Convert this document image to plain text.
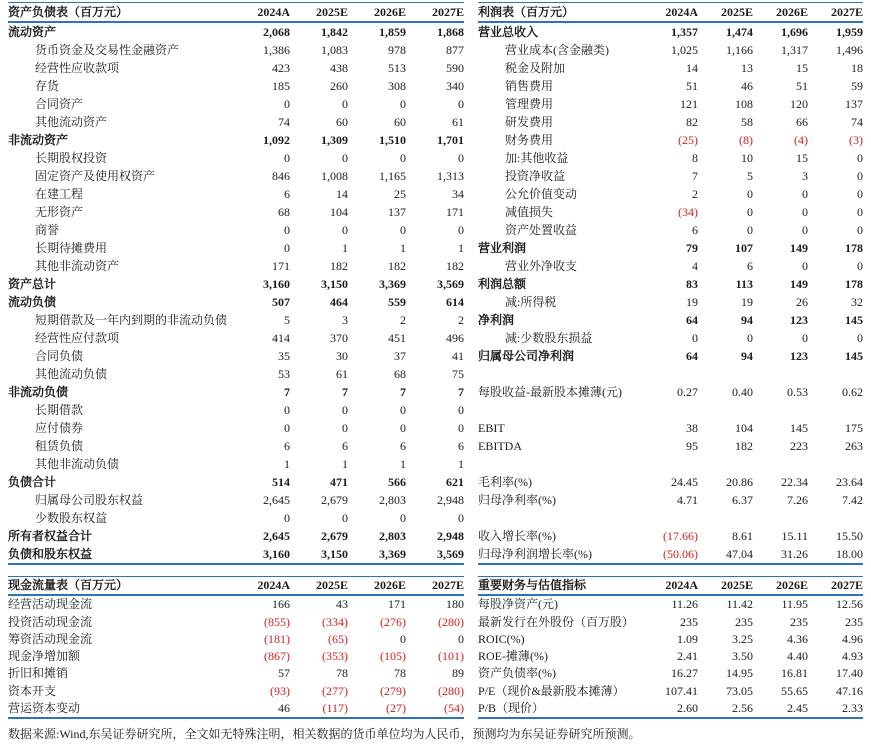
资产负债表（百万元）	2024A	2025E	2026E	2027E
流动资产	2,068	1,842	1,859	1,868
货币资金及交易性金融资产	1,386	1,083	978	877
经营性应收款项	423	438	513	590
存货	185	260	308	340
合同资产	0	0	0	0
其他流动资产	74	60	60	61
非流动资产	1,092	1,309	1,510	1,701
长期股权投资	0	0	0	0
固定资产及使用权资产	846	1,008	1,165	1,313
在建工程	6	14	25	34
无形资产	68	104	137	171
商誉	0	0	0	0
长期待摊费用	0	1	1	1
其他非流动资产	171	182	182	182
资产总计	3,160	3,150	3,369	3,569
流动负债	507	464	559	614
短期借款及一年内到期的非流动负债	5	3	2	2
经营性应付款项	414	370	451	496
合同负债	35	30	37	41
其他流动负债	53	61	68	75
非流动负债	7	7	7	7
长期借款	0	0	0	0
应付债券	0	0	0	0
租赁负债	6	6	6	6
其他非流动负债	1	1	1	1
负债合计	514	471	566	621
归属母公司股东权益	2,645	2,679	2,803	2,948
少数股东权益	0	0	0	0
所有者权益合计	2,645	2,679	2,803	2,948
负债和股东权益	3,160	3,150	3,369	3,569
利润表（百万元）	2024A	2025E	2026E	2027E
营业总收入	1,357	1,474	1,696	1,959
营业成本(含金融类)	1,025	1,166	1,317	1,496
税金及附加	14	13	15	18
销售费用	51	46	51	59
管理费用	121	108	120	137
研发费用	82	58	66	74
财务费用	(25)	(8)	(4)	(3)
加:其他收益	8	10	15	0
投资净收益	7	5	3	0
公允价值变动	2	0	0	0
减值损失	(34)	0	0	0
资产处置收益	6	0	0	0
营业利润	79	107	149	178
营业外净收支	4	6	0	0
利润总额	83	113	149	178
减:所得税	19	19	26	32
净利润	64	94	123	145
减:少数股东损益	0	0	0	0
归属母公司净利润	64	94	123	145
每股收益-最新股本摊薄(元)	0.27	0.40	0.53	0.62
EBIT	38	104	145	175
EBITDA	95	182	223	263
毛利率(%)	24.45	20.86	22.34	23.64
归母净利率(%)	4.71	6.37	7.26	7.42
收入增长率(%)	(17.66)	8.61	15.11	15.50
归母净利润增长率(%)	(50.06)	47.04	31.26	18.00
现金流量表（百万元）	2024A	2025E	2026E	2027E
经营活动现金流	166	43	171	180
投资活动现金流	(855)	(334)	(276)	(280)
筹资活动现金流	(181)	(65)	0	0
现金净增加额	(867)	(353)	(105)	(101)
折旧和摊销	57	78	78	89
资本开支	(93)	(277)	(279)	(280)
营运资本变动	46	(117)	(27)	(54)
重要财务与估值指标	2024A	2025E	2026E	2027E
每股净资产(元)	11.26	11.42	11.95	12.56
最新发行在外股份（百万股）	235	235	235	235
ROIC(%)	1.09	3.25	4.36	4.96
ROE-摊薄(%)	2.41	3.50	4.40	4.93
资产负债率(%)	16.27	14.95	16.81	17.40
P/E（现价&最新股本摊薄）	107.41	73.05	55.65	47.16
P/B（现价）	2.60	2.56	2.45	2.33
数据来源:Wind,东吴证券研究所，全文如无特殊注明，相关数据的货币单位均为人民币，预测均为东吴证券研究所预测。
